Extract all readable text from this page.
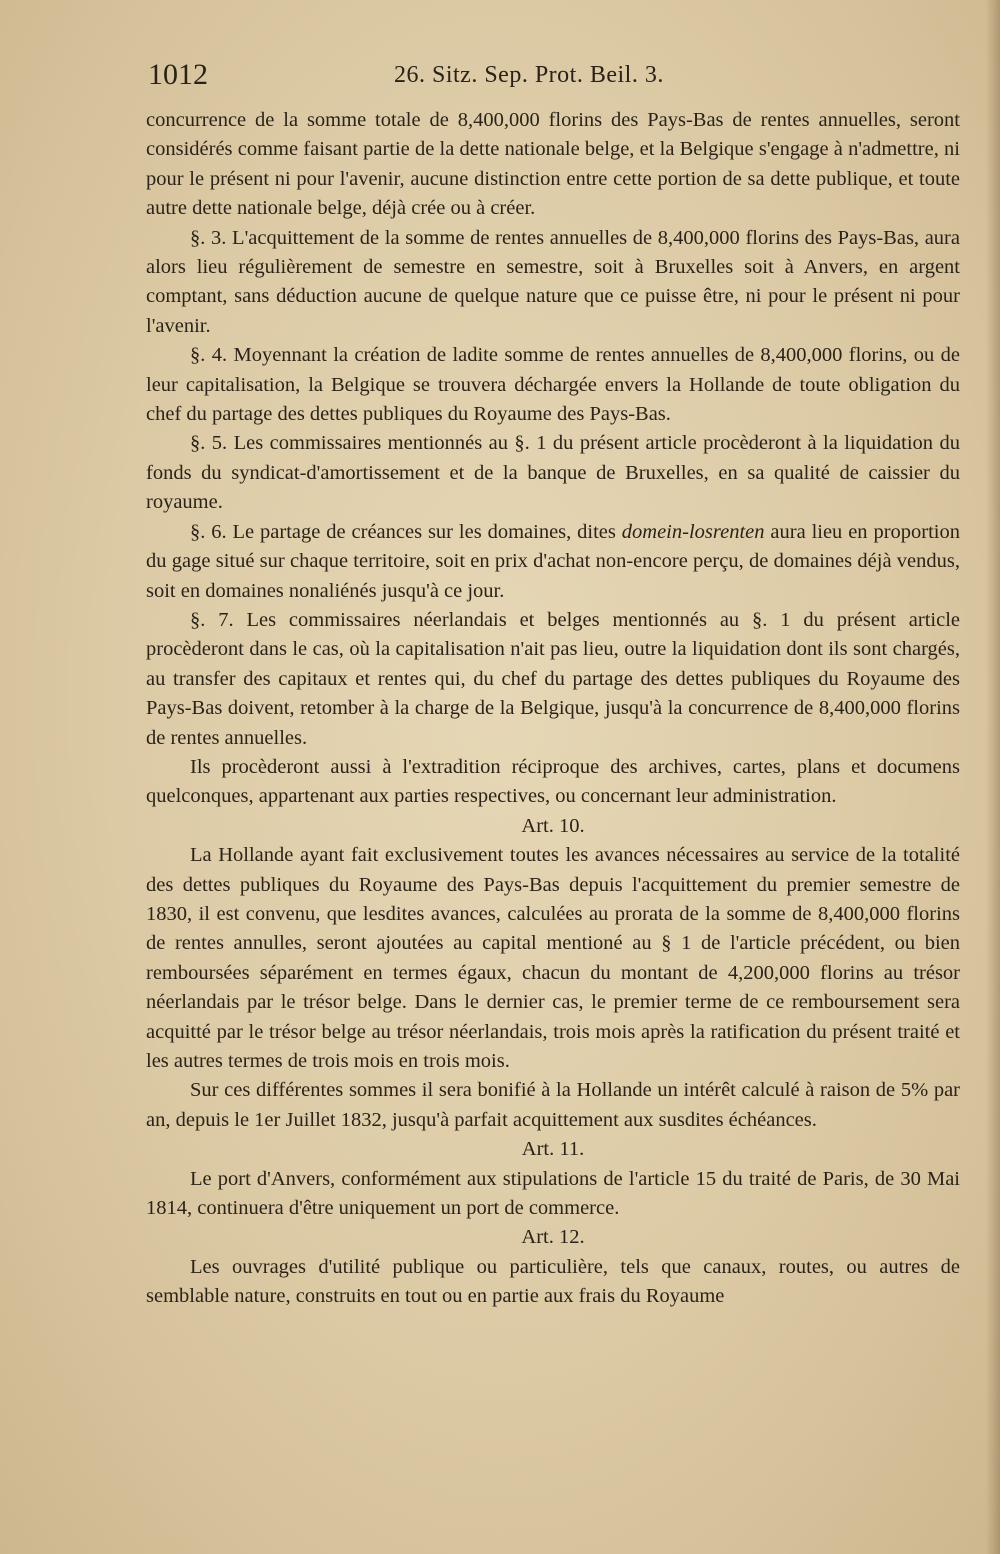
1012	26. Sitz. Sep. Prot. Beil. 3.

concurrence de la somme totale de 8,400,000 florins des Pays-Bas de rentes annuelles, seront considérés comme faisant partie de la dette nationale belge, et la Belgique s'engage à n'admettre, ni pour le présent ni pour l'avenir, aucune distinction entre cette portion de sa dette publique, et toute autre dette nationale belge, déjà crée ou à créer.

§. 3. L'acquittement de la somme de rentes annuelles de 8,400,000 florins des Pays-Bas, aura alors lieu régulièrement de semestre en semestre, soit à Bruxelles soit à Anvers, en argent comptant, sans déduction aucune de quelque nature que ce puisse être, ni pour le présent ni pour l'avenir.

§. 4. Moyennant la création de ladite somme de rentes annuelles de 8,400,000 florins, ou de leur capitalisation, la Belgique se trouvera déchargée envers la Hollande de toute obligation du chef du partage des dettes publiques du Royaume des Pays-Bas.

§. 5. Les commissaires mentionnés au §. 1 du présent article procèderont à la liquidation du fonds du syndicat-d'amortissement et de la banque de Bruxelles, en sa qualité de caissier du royaume.

§. 6. Le partage de créances sur les domaines, dites domein-losrenten aura lieu en proportion du gage situé sur chaque territoire, soit en prix d'achat non-encore perçu, de domaines déjà vendus, soit en domaines nonaliénés jusqu'à ce jour.

§. 7. Les commissaires néerlandais et belges mentionnés au §. 1 du présent article procèderont dans le cas, où la capitalisation n'ait pas lieu, outre la liquidation dont ils sont chargés, au transfer des capitaux et rentes qui, du chef du partage des dettes publiques du Royaume des Pays-Bas doivent, retomber à la charge de la Belgique, jusqu'à la concurrence de 8,400,000 florins de rentes annuelles.

Ils procèderont aussi à l'extradition réciproque des archives, cartes, plans et documens quelconques, appartenant aux parties respectives, ou concernant leur administration.

Art. 10.

La Hollande ayant fait exclusivement toutes les avances nécessaires au service de la totalité des dettes publiques du Royaume des Pays-Bas depuis l'acquittement du premier semestre de 1830, il est convenu, que lesdites avances, calculées au prorata de la somme de 8,400,000 florins de rentes annulles, seront ajoutées au capital mentioné au § 1 de l'article précédent, ou bien remboursées séparément en termes égaux, chacun du montant de 4,200,000 florins au trésor néerlandais par le trésor belge. Dans le dernier cas, le premier terme de ce remboursement sera acquitté par le trésor belge au trésor néerlandais, trois mois après la ratification du présent traité et les autres termes de trois mois en trois mois.

Sur ces différentes sommes il sera bonifié à la Hollande un intérêt calculé à raison de 5% par an, depuis le 1er Juillet 1832, jusqu'à parfait acquittement aux susdites échéances.

Art. 11.

Le port d'Anvers, conformément aux stipulations de l'article 15 du traité de Paris, de 30 Mai 1814, continuera d'être uniquement un port de commerce.

Art. 12.

Les ouvrages d'utilité publique ou particulière, tels que canaux, routes, ou autres de semblable nature, construits en tout ou en partie aux frais du Royaume
